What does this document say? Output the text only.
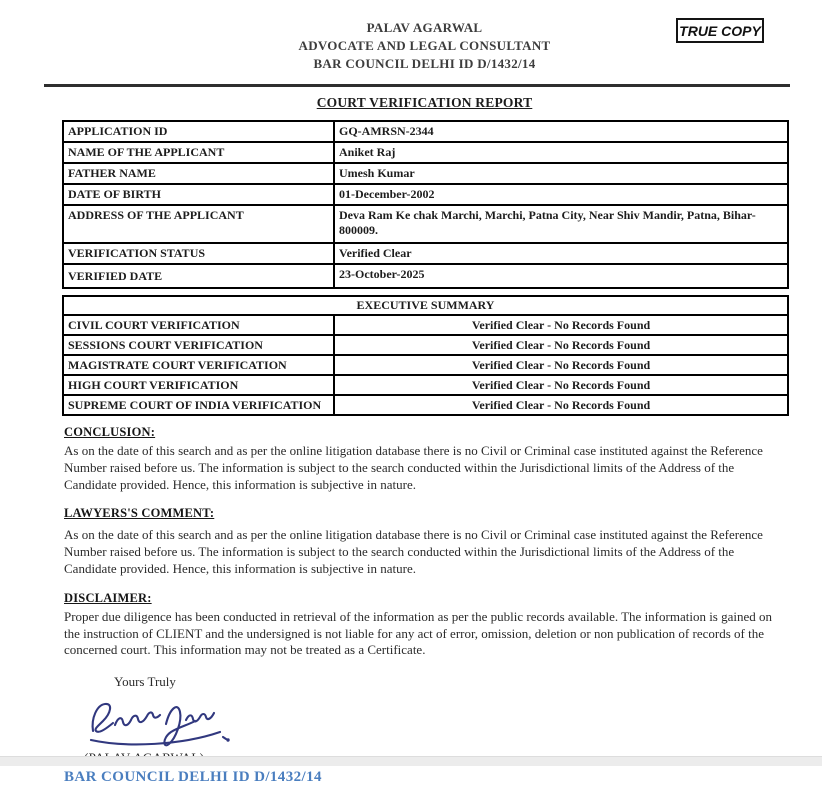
PALAV AGARWAL
ADVOCATE AND LEGAL CONSULTANT
BAR COUNCIL DELHI ID D/1432/14
TRUE COPY
COURT VERIFICATION REPORT
APPLICATION ID	GQ-AMRSN-2344
NAME OF THE APPLICANT	Aniket Raj
FATHER NAME	Umesh Kumar
DATE OF BIRTH	01-December-2002
ADDRESS OF THE APPLICANT	Deva Ram Ke chak Marchi, Marchi, Patna City, Near Shiv Mandir, Patna, Bihar-800009.
VERIFICATION STATUS	Verified Clear
VERIFIED DATE	23-October-2025
EXECUTIVE SUMMARY	
CIVIL COURT VERIFICATION	Verified Clear - No Records Found
SESSIONS COURT VERIFICATION	Verified Clear - No Records Found
MAGISTRATE COURT VERIFICATION	Verified Clear - No Records Found
HIGH COURT VERIFICATION	Verified Clear - No Records Found
SUPREME COURT OF INDIA VERIFICATION	Verified Clear - No Records Found
CONCLUSION:
As on the date of this search and as per the online litigation database there is no Civil or Criminal case instituted against the Reference Number raised before us. The information is subject to the search conducted within the Jurisdictional limits of the Address of the Candidate provided. Hence, this information is subjective in nature.
LAWYERS'S COMMENT:
As on the date of this search and as per the online litigation database there is no Civil or Criminal case instituted against the Reference Number raised before us. The information is subject to the search conducted within the Jurisdictional limits of the Address of the Candidate provided. Hence, this information is subjective in nature.
DISCLAIMER:
Proper due diligence has been conducted in retrieval of the information as per the public records available. The information is gained on the instruction of CLIENT and the undersigned is not liable for any act of error, omission, deletion or non publication of records of the concerned court. This information may not be treated as a Certificate.
Yours Truly
BAR COUNCIL DELHI ID D/1432/14
